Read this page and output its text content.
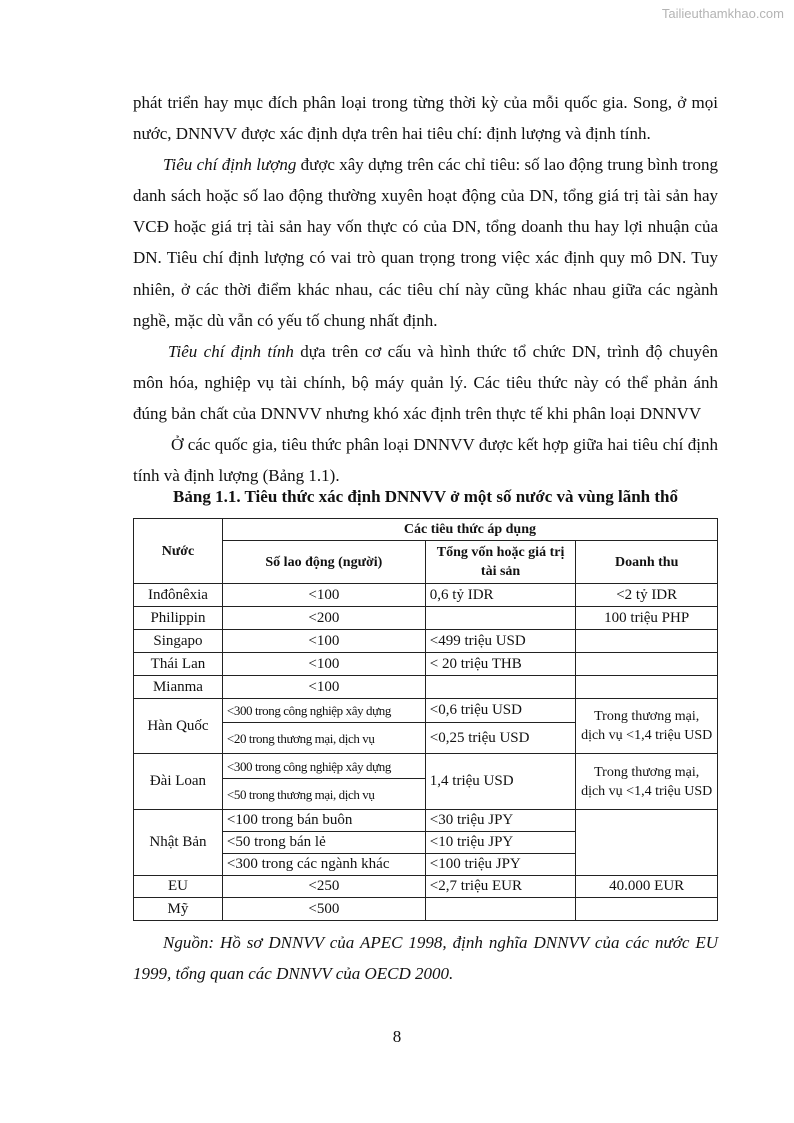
Tailieuthamkhao.com

phát triển hay mục đích phân loại trong từng thời kỳ của mỗi quốc gia. Song, ở mọi nước, DNNVV được xác định dựa trên hai tiêu chí: định lượng và định tính.

Tiêu chí định lượng được xây dựng trên các chỉ tiêu: số lao động trung bình trong danh sách hoặc số lao động thường xuyên hoạt động của DN, tổng giá trị tài sản hay VCĐ hoặc giá trị tài sản hay vốn thực có của DN, tổng doanh thu hay lợi nhuận của DN. Tiêu chí định lượng có vai trò quan trọng trong việc xác định quy mô DN. Tuy nhiên, ở các thời điểm khác nhau, các tiêu chí này cũng khác nhau giữa các ngành nghề, mặc dù vẫn có yếu tố chung nhất định.

Tiêu chí định tính dựa trên cơ cấu và hình thức tổ chức DN, trình độ chuyên môn hóa, nghiệp vụ tài chính, bộ máy quản lý. Các tiêu thức này có thể phản ánh đúng bản chất của DNNVV nhưng khó xác định trên thực tế khi phân loại DNNVV

Ở các quốc gia, tiêu thức phân loại DNNVV được kết hợp giữa hai tiêu chí định tính và định lượng (Bảng 1.1).

Bảng 1.1. Tiêu thức xác định DNNVV ở một số nước và vùng lãnh thổ
Nước	Các tiêu thức áp dụng		
	Số lao động (người)	Tổng vốn hoặc giá trị tài sản	Doanh thu
Inđônêxia	<100	0,6 tỷ IDR	<2 tỷ IDR
Philippin	<200		100 triệu PHP
Singapo	<100	<499 triệu USD	
Thái Lan	<100	< 20 triệu THB	
Mianma	<100		
Hàn Quốc	<300 trong công nghiệp xây dựng	<0,6 triệu USD	Trong thương mại, dịch vụ <1,4 triệu USD
	<20 trong thương mại, dịch vụ	<0,25 triệu USD	
Đài Loan	<300 trong công nghiệp xây dựng	1,4 triệu USD	Trong thương mại, dịch vụ <1,4 triệu USD
	<50 trong thương mại, dịch vụ		
Nhật Bản	<100 trong bán buôn	<30 triệu JPY	
	<50 trong bán lẻ	<10 triệu JPY	
	<300 trong các ngành khác	<100 triệu JPY	
EU	<250	<2,7 triệu EUR	40.000 EUR
Mỹ	<500		

Nguồn: Hồ sơ DNNVV của APEC 1998, định nghĩa DNNVV của các nước EU 1999, tổng quan các DNNVV của OECD 2000.

8
